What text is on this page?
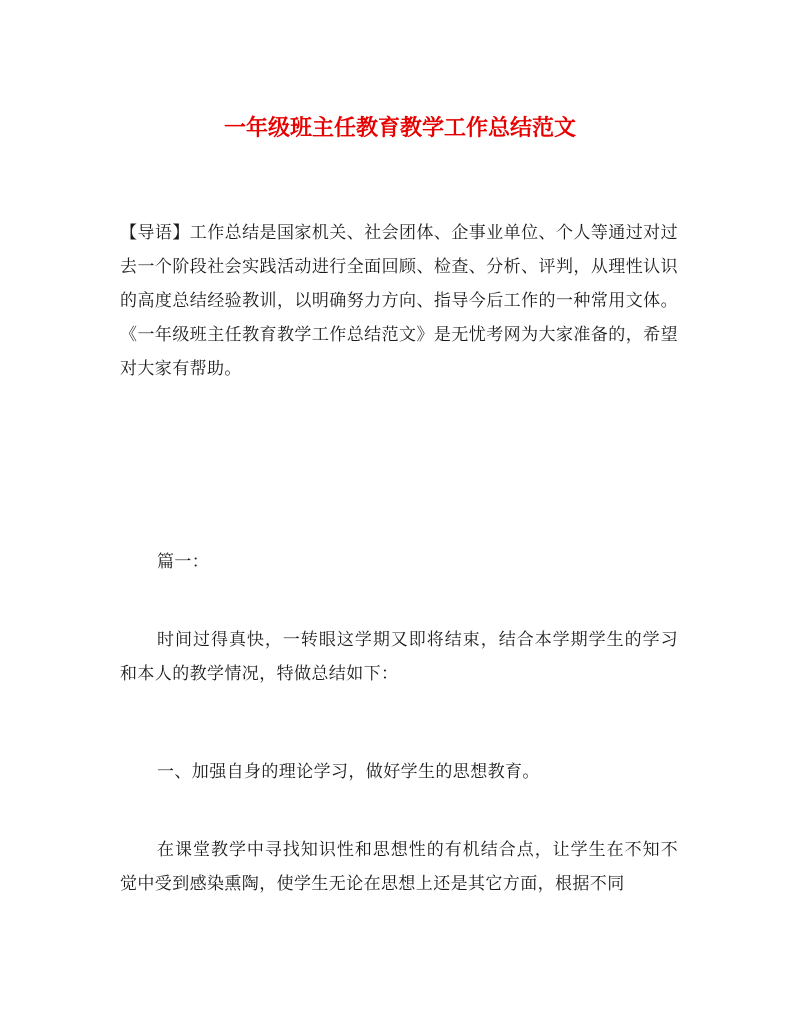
一年级班主任教育教学工作总结范文

【导语】工作总结是国家机关、社会团体、企事业单位、个人等通过对过去一个阶段社会实践活动进行全面回顾、检查、分析、评判，从理性认识的高度总结经验教训，以明确努力方向、指导今后工作的一种常用文体。《一年级班主任教育教学工作总结范文》是无忧考网为大家准备的，希望对大家有帮助。

篇一：

时间过得真快，一转眼这学期又即将结束，结合本学期学生的学习和本人的教学情况，特做总结如下：

一、加强自身的理论学习，做好学生的思想教育。

在课堂教学中寻找知识性和思想性的有机结合点，让学生在不知不觉中受到感染熏陶，使学生无论在思想上还是其它方面，根据不同
